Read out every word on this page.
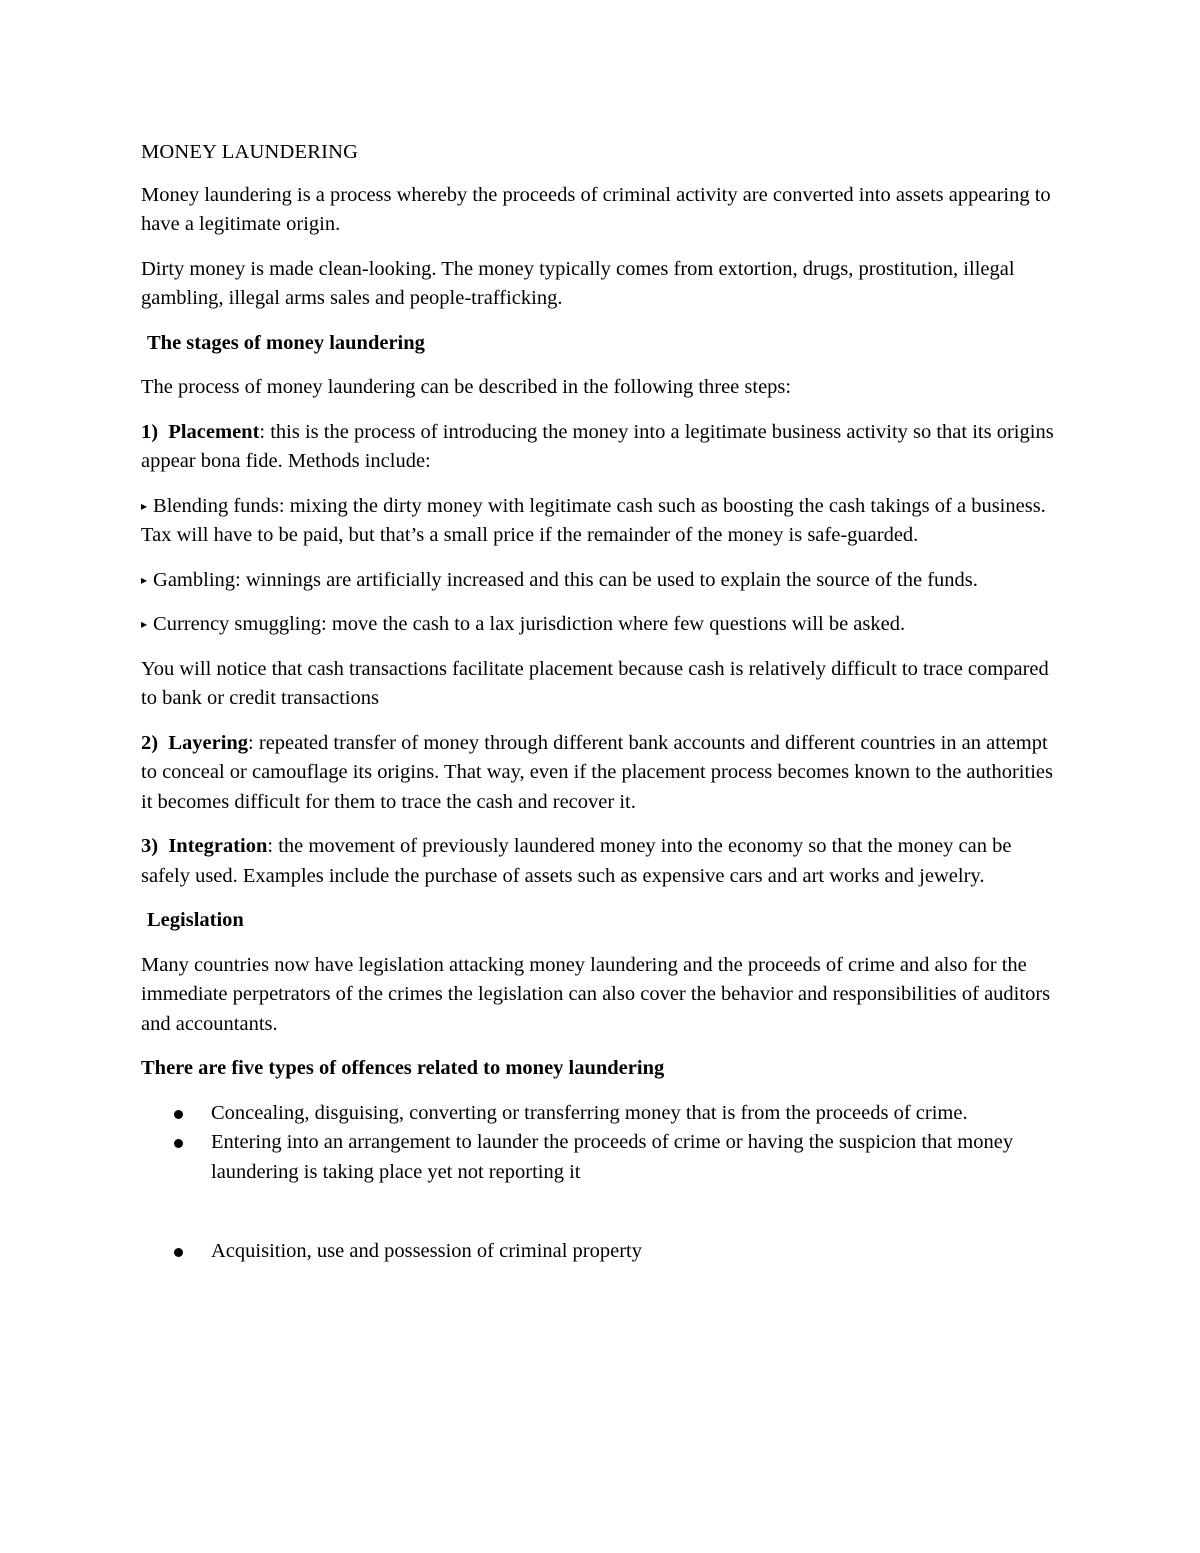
MONEY LAUNDERING

Money laundering is a process whereby the proceeds of criminal activity are converted into assets appearing to have a legitimate origin.

Dirty money is made clean-looking. The money typically comes from extortion, drugs, prostitution, illegal gambling, illegal arms sales and people-trafficking.

The stages of money laundering

The process of money laundering can be described in the following three steps:

1) Placement: this is the process of introducing the money into a legitimate business activity so that its origins appear bona fide. Methods include:

▸ Blending funds: mixing the dirty money with legitimate cash such as boosting the cash takings of a business. Tax will have to be paid, but that’s a small price if the remainder of the money is safe-guarded.

▸ Gambling: winnings are artificially increased and this can be used to explain the source of the funds.

▸ Currency smuggling: move the cash to a lax jurisdiction where few questions will be asked.

You will notice that cash transactions facilitate placement because cash is relatively difficult to trace compared to bank or credit transactions

2) Layering: repeated transfer of money through different bank accounts and different countries in an attempt to conceal or camouflage its origins. That way, even if the placement process becomes known to the authorities it becomes difficult for them to trace the cash and recover it.

3) Integration: the movement of previously laundered money into the economy so that the money can be safely used. Examples include the purchase of assets such as expensive cars and art works and jewelry.

Legislation

Many countries now have legislation attacking money laundering and the proceeds of crime and also for the immediate perpetrators of the crimes the legislation can also cover the behavior and responsibilities of auditors and accountants.

There are five types of offences related to money laundering

Concealing, disguising, converting or transferring money that is from the proceeds of crime.
Entering into an arrangement to launder the proceeds of crime or having the suspicion that money laundering is taking place yet not reporting it
Acquisition, use and possession of criminal property
